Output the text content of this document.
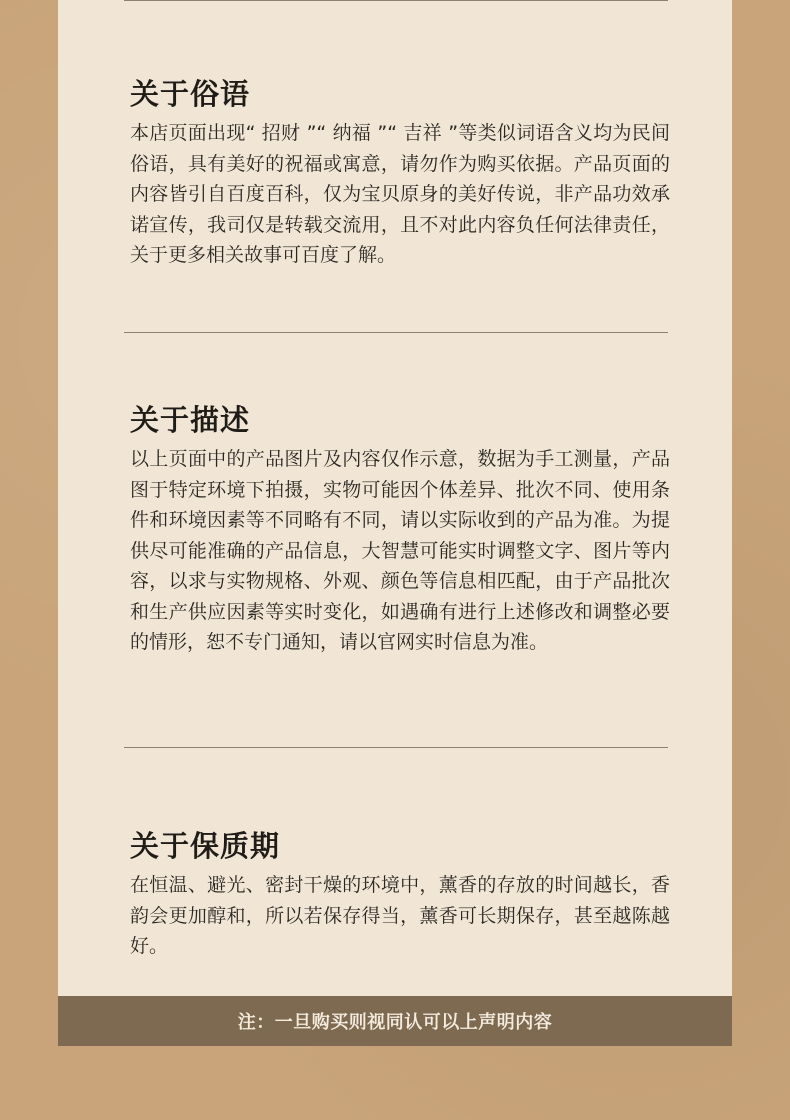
关于俗语

本店页面出现“ 招财 ”“ 纳福 ”“ 吉祥 ”等类似词语含义均为民间俗语，具有美好的祝福或寓意，请勿作为购买依据。产品页面的内容皆引自百度百科，仅为宝贝原身的美好传说，非产品功效承诺宣传，我司仅是转载交流用，且不对此内容负任何法律责任，关于更多相关故事可百度了解。

关于描述

以上页面中的产品图片及内容仅作示意，数据为手工测量，产品图于特定环境下拍摄，实物可能因个体差异、批次不同、使用条件和环境因素等不同略有不同，请以实际收到的产品为准。为提供尽可能准确的产品信息，大智慧可能实时调整文字、图片等内容，以求与实物规格、外观、颜色等信息相匹配，由于产品批次和生产供应因素等实时变化，如遇确有进行上述修改和调整必要的情形，恕不专门通知，请以官网实时信息为准。

关于保质期

在恒温、避光、密封干燥的环境中，薰香的存放的时间越长，香韵会更加醇和，所以若保存得当，薰香可长期保存，甚至越陈越好。

注：一旦购买则视同认可以上声明内容
